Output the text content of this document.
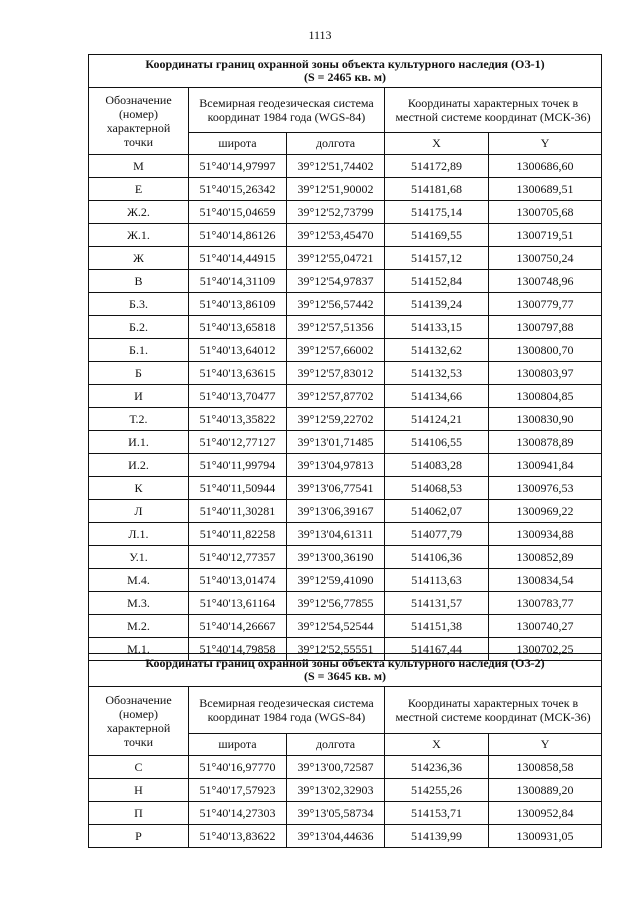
1113
Координаты границ охранной зоны объекта культурного наследия (ОЗ-1)
(S = 2465 кв. м)				
Обозначение (номер) характерной точки	Всемирная геодезическая система координат 1984 года (WGS-84)		Координаты характерных точек в местной системе координат (МСК-36)	
	широта	долгота	X	Y
М	51°40'14,97997	39°12'51,74402	514172,89	1300686,60
Е	51°40'15,26342	39°12'51,90002	514181,68	1300689,51
Ж.2.	51°40'15,04659	39°12'52,73799	514175,14	1300705,68
Ж.1.	51°40'14,86126	39°12'53,45470	514169,55	1300719,51
Ж	51°40'14,44915	39°12'55,04721	514157,12	1300750,24
В	51°40'14,31109	39°12'54,97837	514152,84	1300748,96
Б.3.	51°40'13,86109	39°12'56,57442	514139,24	1300779,77
Б.2.	51°40'13,65818	39°12'57,51356	514133,15	1300797,88
Б.1.	51°40'13,64012	39°12'57,66002	514132,62	1300800,70
Б	51°40'13,63615	39°12'57,83012	514132,53	1300803,97
И	51°40'13,70477	39°12'57,87702	514134,66	1300804,85
Т.2.	51°40'13,35822	39°12'59,22702	514124,21	1300830,90
И.1.	51°40'12,77127	39°13'01,71485	514106,55	1300878,89
И.2.	51°40'11,99794	39°13'04,97813	514083,28	1300941,84
К	51°40'11,50944	39°13'06,77541	514068,53	1300976,53
Л	51°40'11,30281	39°13'06,39167	514062,07	1300969,22
Л.1.	51°40'11,82258	39°13'04,61311	514077,79	1300934,88
У.1.	51°40'12,77357	39°13'00,36190	514106,36	1300852,89
М.4.	51°40'13,01474	39°12'59,41090	514113,63	1300834,54
М.3.	51°40'13,61164	39°12'56,77855	514131,57	1300783,77
М.2.	51°40'14,26667	39°12'54,52544	514151,38	1300740,27
М.1.	51°40'14,79858	39°12'52,55551	514167,44	1300702,25
Координаты границ охранной зоны объекта культурного наследия (ОЗ-2)
(S = 3645 кв. м)				
Обозначение (номер) характерной точки	Всемирная геодезическая система координат 1984 года (WGS-84)		Координаты характерных точек в местной системе координат (МСК-36)	
	широта	долгота	X	Y
С	51°40'16,97770	39°13'00,72587	514236,36	1300858,58
Н	51°40'17,57923	39°13'02,32903	514255,26	1300889,20
П	51°40'14,27303	39°13'05,58734	514153,71	1300952,84
Р	51°40'13,83622	39°13'04,44636	514139,99	1300931,05
